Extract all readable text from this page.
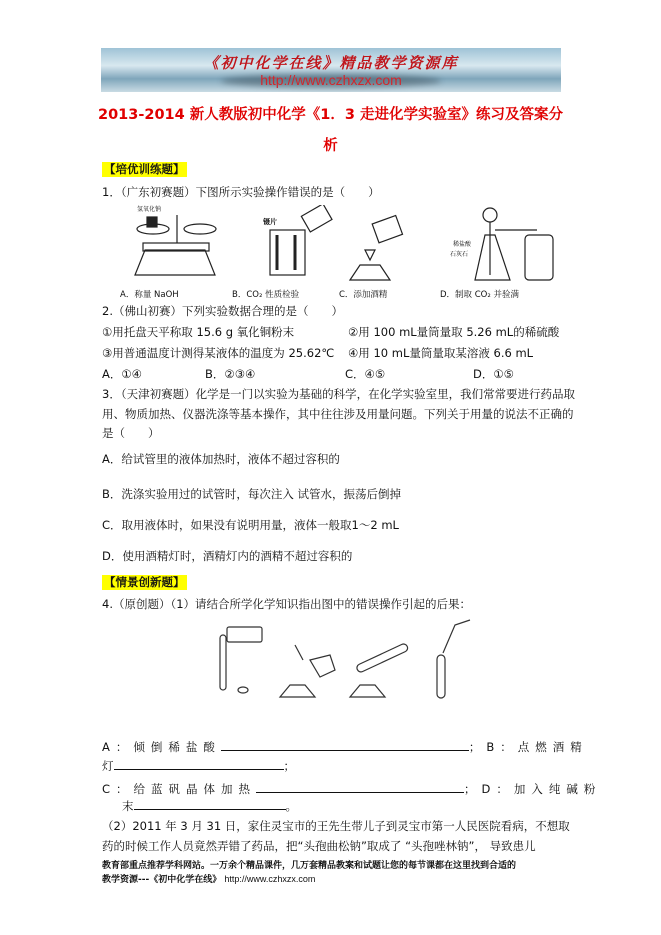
《初中化学在线》精品教学资源库
http://www.czhxzx.com
2013-2014 新人教版初中化学《1．3 走进化学实验室》练习及答案分
析
【培优训练题】
1．（广东初赛题）下图所示实验操作错误的是（　　）
氢氧化钠
镊片
稀盐酸
石灰石
A．称量 NaOH	B．CO₂ 性质检验	C．添加酒精	D．制取 CO₂ 并验满
2.（佛山初赛）下列实验数据合理的是（　　）
①用托盘天平称取 15.6 g 氧化铜粉末	②用 100 mL量筒量取 5.26 mL的稀硫酸
③用普通温度计测得某液体的温度为 25.62℃ ④用 10 mL量筒量取某溶液 6.6 mL
A．①④	B．②③④	C．④⑤	D．①⑤
3．（天津初赛题）化学是一门以实验为基础的科学，在化学实验室里，我们常常要进行药品取
用、物质加热、仪器洗涤等基本操作，其中往往涉及用量问题。下列关于用量的说法不正确的
是（　　）
A．给试管里的液体加热时，液体不超过容积的
B．洗涤实验用过的试管时，每次注入 试管水，振荡后倒掉
C．取用液体时，如果没有说明用量，液体一般取1～2 mL
D．使用酒精灯时，酒精灯内的酒精不超过容积的
【情景创新题】
4.（原创题）（1）请结合所学化学知识指出图中的错误操作引起的后果：
A：倾倒稀盐酸	；B：点燃酒精
灯	；
C：给蓝矾晶体加热	；D：加入纯碱粉
末	。
（2）2011 年 3 月 31 日，家住灵宝市的王先生带儿子到灵宝市第一人民医院看病，不想取
药的时候工作人员竟然弄错了药品，把“头孢曲松钠”取成了 “头孢唑林钠”， 导致患儿
教育部重点推荐学科网站。一万余个精品课件，几万套精品教案和试题让您的每节课都在这里找到合适的
教学资源---《初中化学在线》 http://www.czhxzx.com
